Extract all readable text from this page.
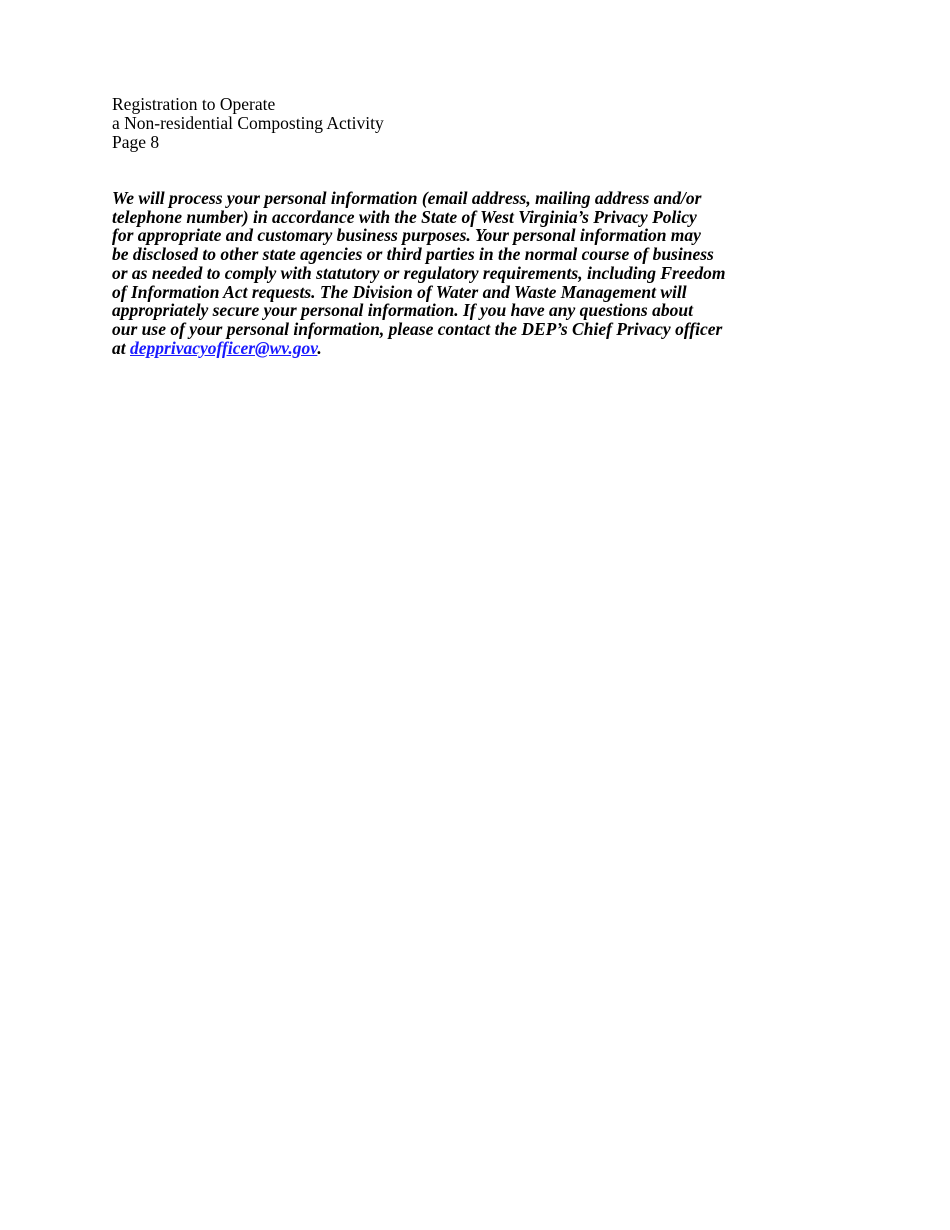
Registration to Operate
a Non-residential Composting Activity
Page 8
We will process your personal information (email address, mailing address and/or
telephone number) in accordance with the State of West Virginia’s Privacy Policy
for appropriate and customary business purposes. Your personal information may
be disclosed to other state agencies or third parties in the normal course of business
or as needed to comply with statutory or regulatory requirements, including Freedom
of Information Act requests. The Division of Water and Waste Management will
appropriately secure your personal information. If you have any questions about
our use of your personal information, please contact the DEP’s Chief Privacy officer
at depprivacyofficer@wv.gov.
